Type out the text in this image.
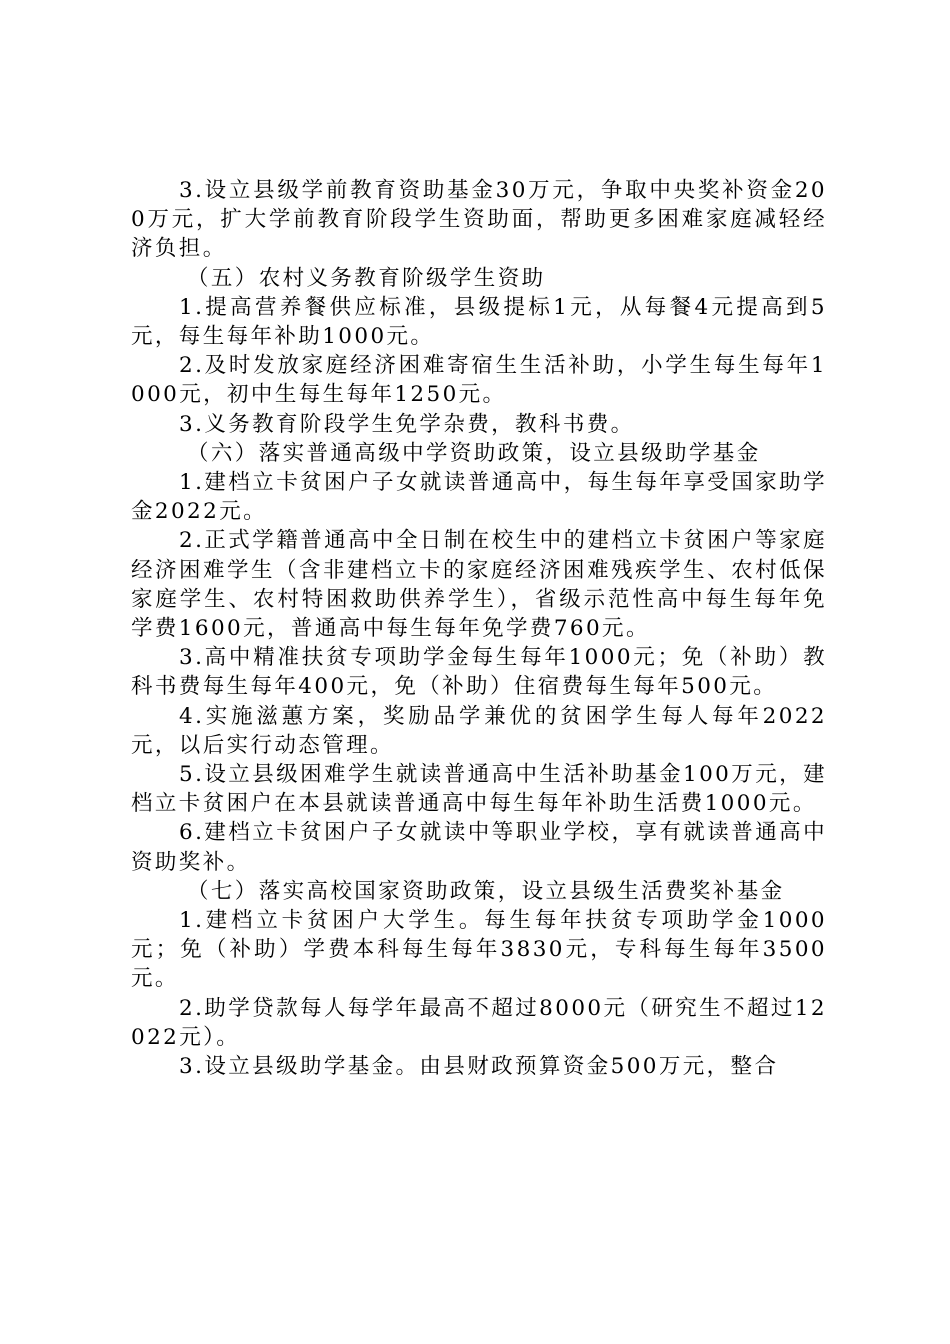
3.设立县级学前教育资助基金30万元，争取中央奖补资金200万元，扩大学前教育阶段学生资助面，帮助更多困难家庭减轻经济负担。

（五）农村义务教育阶级学生资助

1.提高营养餐供应标准，县级提标1元，从每餐4元提高到5元，每生每年补助1000元。

2.及时发放家庭经济困难寄宿生生活补助，小学生每生每年1000元，初中生每生每年1250元。

3.义务教育阶段学生免学杂费，教科书费。

（六）落实普通高级中学资助政策，设立县级助学基金

1.建档立卡贫困户子女就读普通高中，每生每年享受国家助学金2022元。

2.正式学籍普通高中全日制在校生中的建档立卡贫困户等家庭经济困难学生（含非建档立卡的家庭经济困难残疾学生、农村低保家庭学生、农村特困救助供养学生），省级示范性高中每生每年免学费1600元，普通高中每生每年免学费760元。

3.高中精准扶贫专项助学金每生每年1000元；免（补助）教科书费每生每年400元，免（补助）住宿费每生每年500元。

4.实施滋蕙方案，奖励品学兼优的贫困学生每人每年2022元，以后实行动态管理。

5.设立县级困难学生就读普通高中生活补助基金100万元，建档立卡贫困户在本县就读普通高中每生每年补助生活费1000元。

6.建档立卡贫困户子女就读中等职业学校，享有就读普通高中资助奖补。

（七）落实高校国家资助政策，设立县级生活费奖补基金

1.建档立卡贫困户大学生。每生每年扶贫专项助学金1000元；免（补助）学费本科每生每年3830元，专科每生每年3500元。

2.助学贷款每人每学年最高不超过8000元（研究生不超过12022元）。

3.设立县级助学基金。由县财政预算资金500万元，整合
